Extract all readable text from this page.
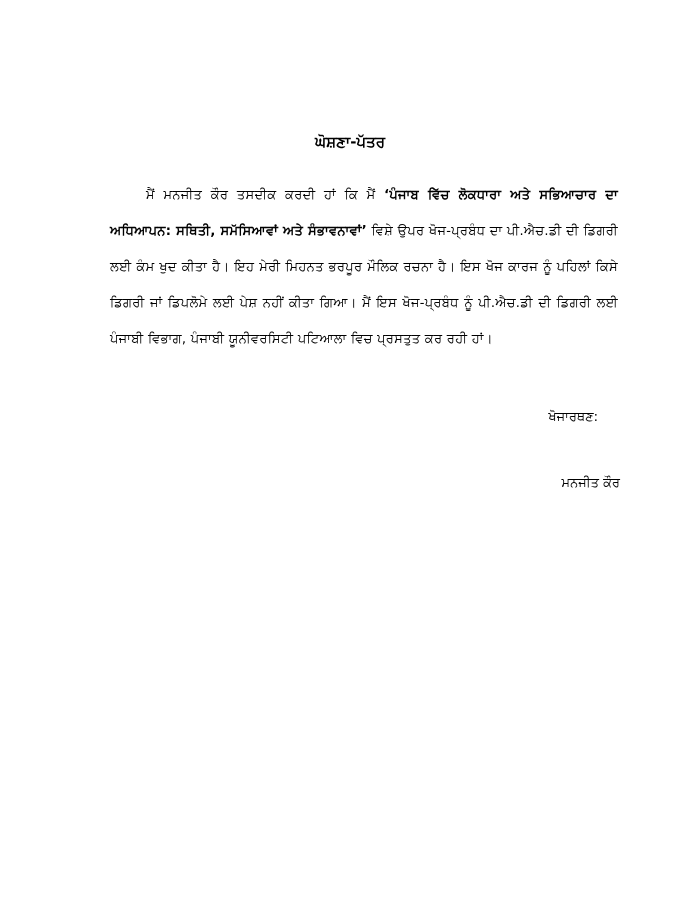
ਘੋਸ਼ਣਾ-ਪੱਤਰ

ਮੈਂ ਮਨਜੀਤ ਕੌਰ ਤਸਦੀਕ ਕਰਦੀ ਹਾਂ ਕਿ ਮੈਂ ‘ਪੰਜਾਬ ਵਿੱਚ ਲੋਕਧਾਰਾ ਅਤੇ ਸਭਿਆਚਾਰ ਦਾ ਅਧਿਆਪਨ: ਸਥਿਤੀ, ਸਮੱਸਿਆਵਾਂ ਅਤੇ ਸੰਭਾਵਨਾਵਾਂ’ ਵਿਸ਼ੇ ਉਪਰ ਖੋਜ-ਪ੍ਰਬੰਧ ਦਾ ਪੀ.ਐਚ.ਡੀ ਦੀ ਡਿਗਰੀ ਲਈ ਕੰਮ ਖੁਦ ਕੀਤਾ ਹੈ। ਇਹ ਮੇਰੀ ਮਿਹਨਤ ਭਰਪੂਰ ਮੌਲਿਕ ਰਚਨਾ ਹੈ। ਇਸ ਖੋਜ ਕਾਰਜ ਨੂੰ ਪਹਿਲਾਂ ਕਿਸੇ ਡਿਗਰੀ ਜਾਂ ਡਿਪਲੋਮੇ ਲਈ ਪੇਸ਼ ਨਹੀਂ ਕੀਤਾ ਗਿਆ। ਮੈਂ ਇਸ ਖੋਜ-ਪ੍ਰਬੰਧ ਨੂੰ ਪੀ.ਐਚ.ਡੀ ਦੀ ਡਿਗਰੀ ਲਈ ਪੰਜਾਬੀ ਵਿਭਾਗ, ਪੰਜਾਬੀ ਯੂਨੀਵਰਸਿਟੀ ਪਟਿਆਲਾ ਵਿਚ ਪ੍ਰਸਤੁਤ ਕਰ ਰਹੀ ਹਾਂ।

ਖੋਜਾਰਥਣ:
ਮਨਜੀਤ ਕੌਰ
